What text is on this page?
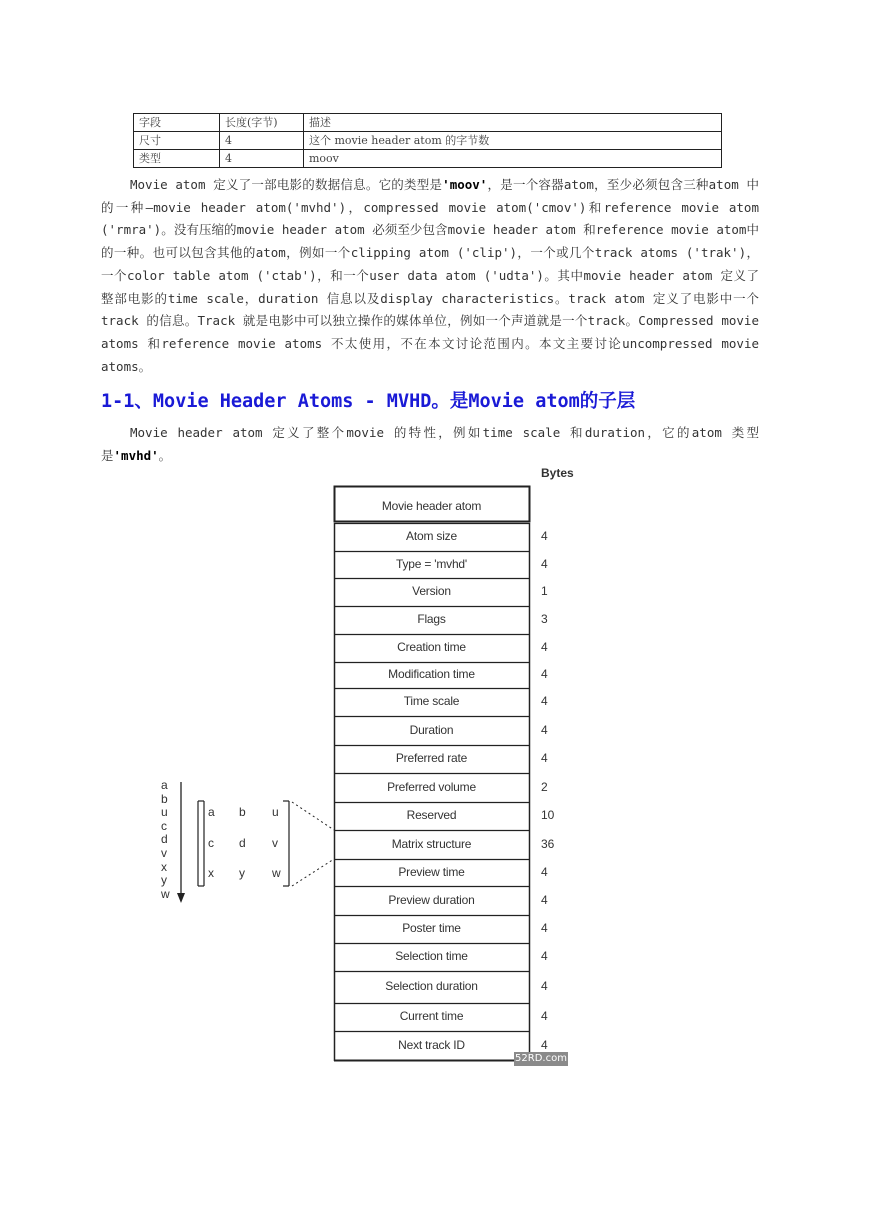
字段	长度(字节)	描述
尺寸	4	这个 movie header atom 的字节数
类型	4	moov
Movie atom 定义了一部电影的数据信息。它的类型是'moov'，是一个容器atom，至少必须包含三种atom 中的一种—movie header atom('mvhd')，compressed movie atom('cmov')和reference movie atom ('rmra')。没有压缩的movie header atom 必须至少包含movie header atom 和reference movie atom中的一种。也可以包含其他的atom，例如一个clipping atom ('clip')，一个或几个track atoms ('trak')，一个color table atom ('ctab')，和一个user data atom ('udta')。其中movie header atom 定义了整部电影的time scale，duration 信息以及display characteristics。track atom 定义了电影中一个track 的信息。Track 就是电影中可以独立操作的媒体单位，例如一个声道就是一个track。Compressed movie atoms 和reference movie atoms 不太使用，不在本文讨论范围内。本文主要讨论uncompressed movie atoms。
1-1、Movie Header Atoms - MVHD。是Movie atom的子层
Movie header atom 定义了整个movie 的特性，例如time scale 和duration，它的atom 类型是'mvhd'。
Bytes
Movie header atom
Atom size	4
Type = 'mvhd'	4
Version	1
Flags	3
Creation time	4
Modification time	4
Time scale	4
Duration	4
Preferred rate	4
Preferred volume	2
Reserved	10
Matrix structure	36
Preview time	4
Preview duration	4
Poster time	4
Selection time	4
Selection duration	4
Current time	4
Next track ID	4
a b u
c d v
x y w
a
b
u
c
d
v
x
y
w
52RD.com
